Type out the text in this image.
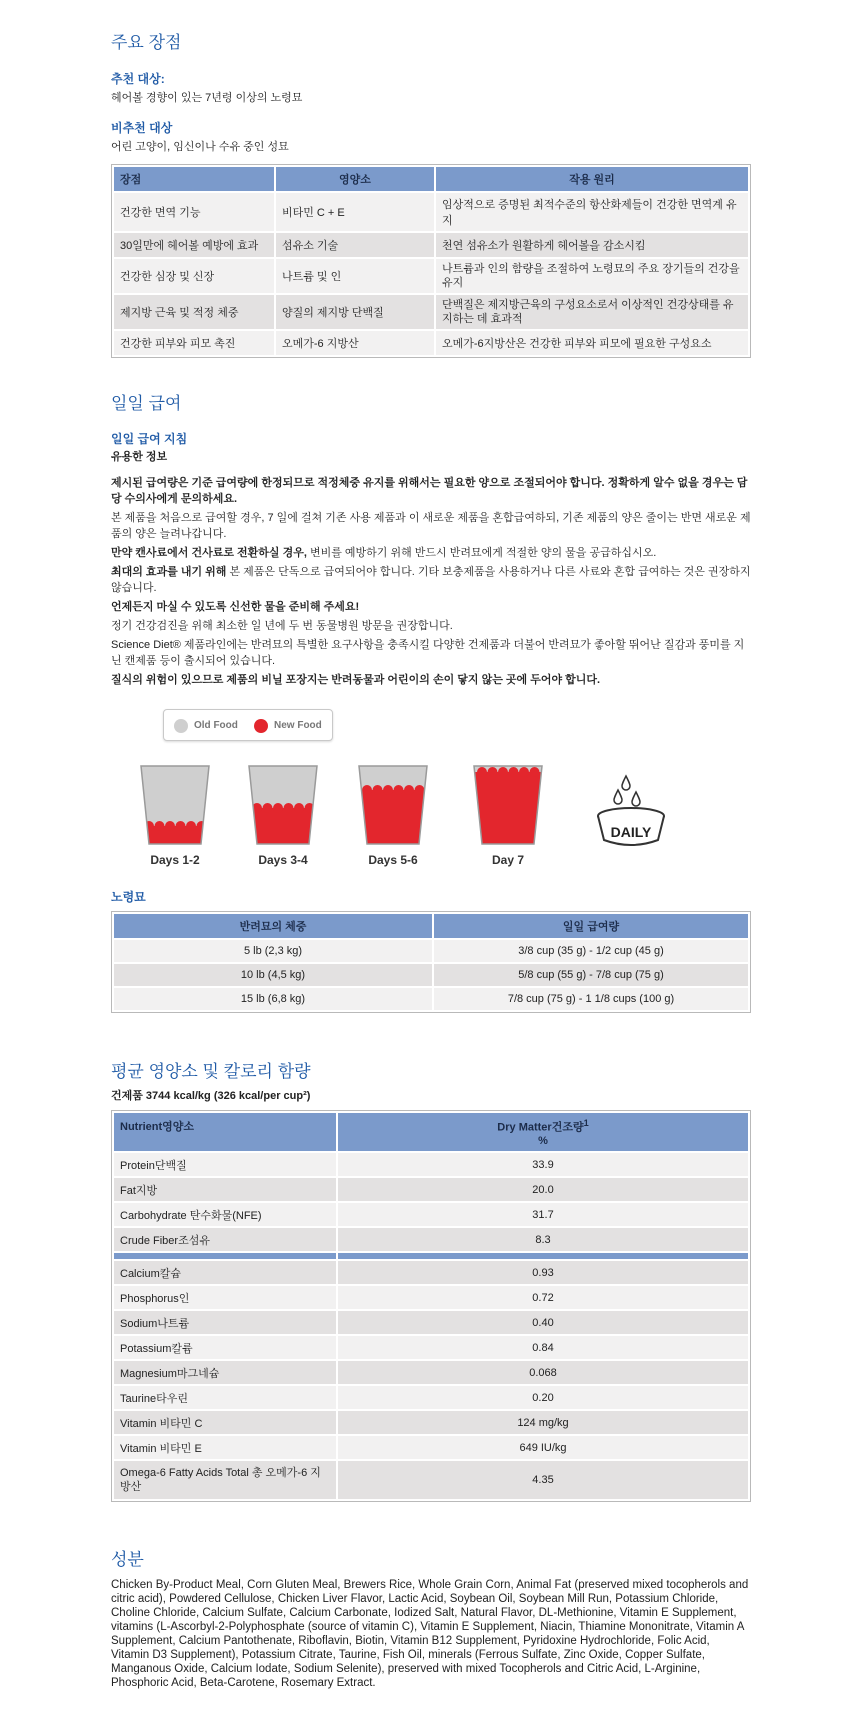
주요 장점
추천 대상:
헤어볼 경향이 있는 7년령 이상의 노령묘
비추천 대상
어린 고양이, 임신이나 수유 중인 성묘
장점	영양소	작용 원리
건강한 면역 기능	비타민 C + E	임상적으로 증명된 최적수준의 항산화제들이 건강한 면역계 유지
30일만에 헤어볼 예방에 효과	섬유소 기술	천연 섬유소가 원활하게 헤어볼을 감소시킴
건강한 심장 및 신장	나트륨 및 인	나트륨과 인의 함량을 조절하여 노령묘의 주요 장기들의 건강을 유지
제지방 근육 및 적정 체중	양질의 제지방 단백질	단백질은 제지방근육의 구성요소로서 이상적인 건강상태를 유지하는 데 효과적
건강한 피부와 피모 촉진	오메가-6 지방산	오메가-6지방산은 건강한 피부와 피모에 필요한 구성요소
일일 급여
일일 급여 지침
유용한 정보
제시된 급여량은 기준 급여량에 한정되므로 적정체중 유지를 위해서는 필요한 양으로 조절되어야 합니다. 정확하게 알수 없을 경우는 담당 수의사에게 문의하세요.
본 제품을 처음으로 급여할 경우, 7 일에 걸쳐 기존 사용 제품과 이 새로운 제품을 혼합급여하되, 기존 제품의 양은 줄이는 반면 새로운 제품의 양은 늘려나갑니다.
만약 캔사료에서 건사료로 전환하실 경우, 변비를 예방하기 위해 반드시 반려묘에게 적절한 양의 물을 공급하십시오.
최대의 효과를 내기 위해 본 제품은 단독으로 급여되어야 합니다. 기타 보충제품을 사용하거나 다른 사료와 혼합 급여하는 것은 권장하지 않습니다.
언제든지 마실 수 있도록 신선한 물을 준비해 주세요!
정기 건강검진을 위해 최소한 일 년에 두 번 동물병원 방문을 권장합니다.
Science Diet® 제품라인에는 반려묘의 특별한 요구사항을 충족시킬 다양한 건제품과 더불어 반려묘가 좋아할 뛰어난 질감과 풍미를 지닌 캔제품 등이 출시되어 있습니다.
질식의 위험이 있으므로 제품의 비닐 포장지는 반려동물과 어린이의 손이 닿지 않는 곳에 두어야 합니다.
Old Food	New Food
Days 1-2	Days 3-4	Days 5-6	Day 7
DAILY
노령묘
반려묘의 체중	일일 급여량
5 lb (2,3 kg)	3/8 cup (35 g) - 1/2 cup (45 g)
10 lb (4,5 kg)	5/8 cup (55 g) - 7/8 cup (75 g)
15 lb (6,8 kg)	7/8 cup (75 g) - 1 1/8 cups (100 g)
평균 영양소 및 칼로리 함량
건제품 3744 kcal/kg (326 kcal/per cup²)
Nutrient영양소	Dry Matter건조량$^1$
%
Protein단백질	33.9
Fat지방	20.0
Carbohydrate 탄수화물(NFE)	31.7
Crude Fiber조섬유	8.3

Calcium칼슘	0.93
Phosphorus인	0.72
Sodium나트륨	0.40
Potassium칼륨	0.84
Magnesium마그네슘	0.068
Taurine타우린	0.20
Vitamin 비타민 C	124 mg/kg
Vitamin 비타민 E	649 IU/kg
Omega-6 Fatty Acids Total 총 오메가-6 지방산	4.35
성분
Chicken By-Product Meal, Corn Gluten Meal, Brewers Rice, Whole Grain Corn, Animal Fat (preserved mixed tocopherols and citric acid), Powdered Cellulose, Chicken Liver Flavor, Lactic Acid, Soybean Oil, Soybean Mill Run, Potassium Chloride, Choline Chloride, Calcium Sulfate, Calcium Carbonate, Iodized Salt, Natural Flavor, DL-Methionine, Vitamin E Supplement, vitamins (L-Ascorbyl-2-Polyphosphate (source of vitamin C), Vitamin E Supplement, Niacin, Thiamine Mononitrate, Vitamin A Supplement, Calcium Pantothenate, Riboflavin, Biotin, Vitamin B12 Supplement, Pyridoxine Hydrochloride, Folic Acid, Vitamin D3 Supplement), Potassium Citrate, Taurine, Fish Oil, minerals (Ferrous Sulfate, Zinc Oxide, Copper Sulfate, Manganous Oxide, Calcium Iodate, Sodium Selenite), preserved with mixed Tocopherols and Citric Acid, L-Arginine, Phosphoric Acid, Beta-Carotene, Rosemary Extract.
